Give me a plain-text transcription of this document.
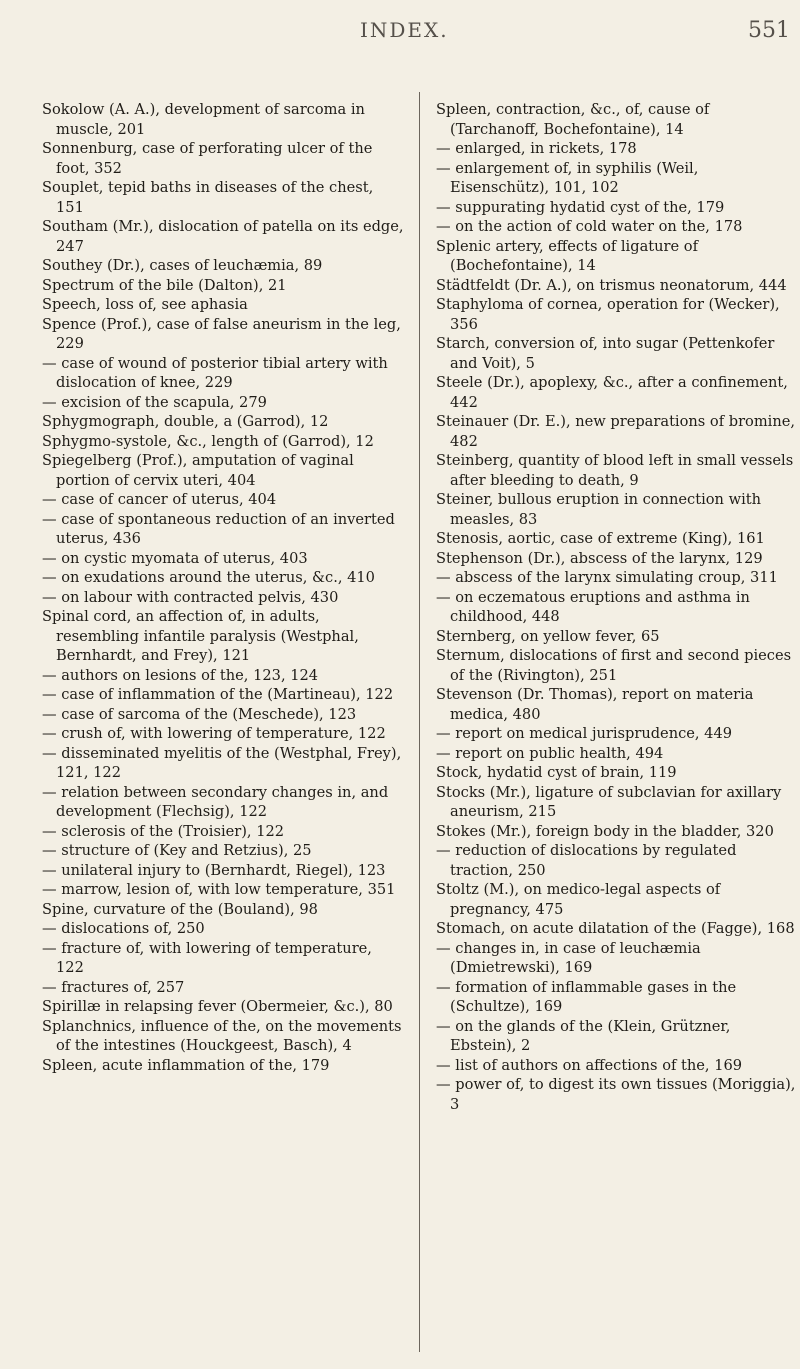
INDEX.	551

Sokolow (A. A.), development of sarcoma in muscle, 201

Sonnenburg, case of perforating ulcer of the foot, 352

Souplet, tepid baths in diseases of the chest, 151

Southam (Mr.), dislocation of patella on its edge, 247

Southey (Dr.), cases of leuchæmia, 89

Spectrum of the bile (Dalton), 21

Speech, loss of, see aphasia

Spence (Prof.), case of false aneurism in the leg, 229

— case of wound of posterior tibial artery with dislocation of knee, 229

— excision of the scapula, 279

Sphygmograph, double, a (Garrod), 12

Sphygmo-systole, &c., length of (Garrod), 12

Spiegelberg (Prof.), amputation of vaginal portion of cervix uteri, 404

— case of cancer of uterus, 404

— case of spontaneous reduction of an inverted uterus, 436

— on cystic myomata of uterus, 403

— on exudations around the uterus, &c., 410

— on labour with contracted pelvis, 430

Spinal cord, an affection of, in adults, resembling infantile paralysis (Westphal, Bernhardt, and Frey), 121

— authors on lesions of the, 123, 124

— case of inflammation of the (Martineau), 122

— case of sarcoma of the (Meschede), 123

— crush of, with lowering of temperature, 122

— disseminated myelitis of the (Westphal, Frey), 121, 122

— relation between secondary changes in, and development (Flechsig), 122

— sclerosis of the (Troisier), 122

— structure of (Key and Retzius), 25

— unilateral injury to (Bernhardt, Riegel), 123

— marrow, lesion of, with low temperature, 351

Spine, curvature of the (Bouland), 98

— dislocations of, 250

— fracture of, with lowering of temperature, 122

— fractures of, 257

Spirillæ in relapsing fever (Obermeier, &c.), 80

Splanchnics, influence of the, on the movements of the intestines (Houckgeest, Basch), 4

Spleen, acute inflammation of the, 179

Spleen, contraction, &c., of, cause of (Tarchanoff, Bochefontaine), 14

— enlarged, in rickets, 178

— enlargement of, in syphilis (Weil, Eisenschütz), 101, 102

— suppurating hydatid cyst of the, 179

— on the action of cold water on the, 178

Splenic artery, effects of ligature of (Bochefontaine), 14

Städtfeldt (Dr. A.), on trismus neonatorum, 444

Staphyloma of cornea, operation for (Wecker), 356

Starch, conversion of, into sugar (Pettenkofer and Voit), 5

Steele (Dr.), apoplexy, &c., after a confinement, 442

Steinauer (Dr. E.), new preparations of bromine, 482

Steinberg, quantity of blood left in small vessels after bleeding to death, 9

Steiner, bullous eruption in connection with measles, 83

Stenosis, aortic, case of extreme (King), 161

Stephenson (Dr.), abscess of the larynx, 129

— abscess of the larynx simulating croup, 311

— on eczematous eruptions and asthma in childhood, 448

Sternberg, on yellow fever, 65

Sternum, dislocations of first and second pieces of the (Rivington), 251

Stevenson (Dr. Thomas), report on materia medica, 480

— report on medical jurisprudence, 449

— report on public health, 494

Stock, hydatid cyst of brain, 119

Stocks (Mr.), ligature of subclavian for axillary aneurism, 215

Stokes (Mr.), foreign body in the bladder, 320

— reduction of dislocations by regulated traction, 250

Stoltz (M.), on medico-legal aspects of pregnancy, 475

Stomach, on acute dilatation of the (Fagge), 168

— changes in, in case of leuchæmia (Dmietrewski), 169

— formation of inflammable gases in the (Schultze), 169

— on the glands of the (Klein, Grützner, Ebstein), 2

— list of authors on affections of the, 169

— power of, to digest its own tissues (Moriggia), 3
